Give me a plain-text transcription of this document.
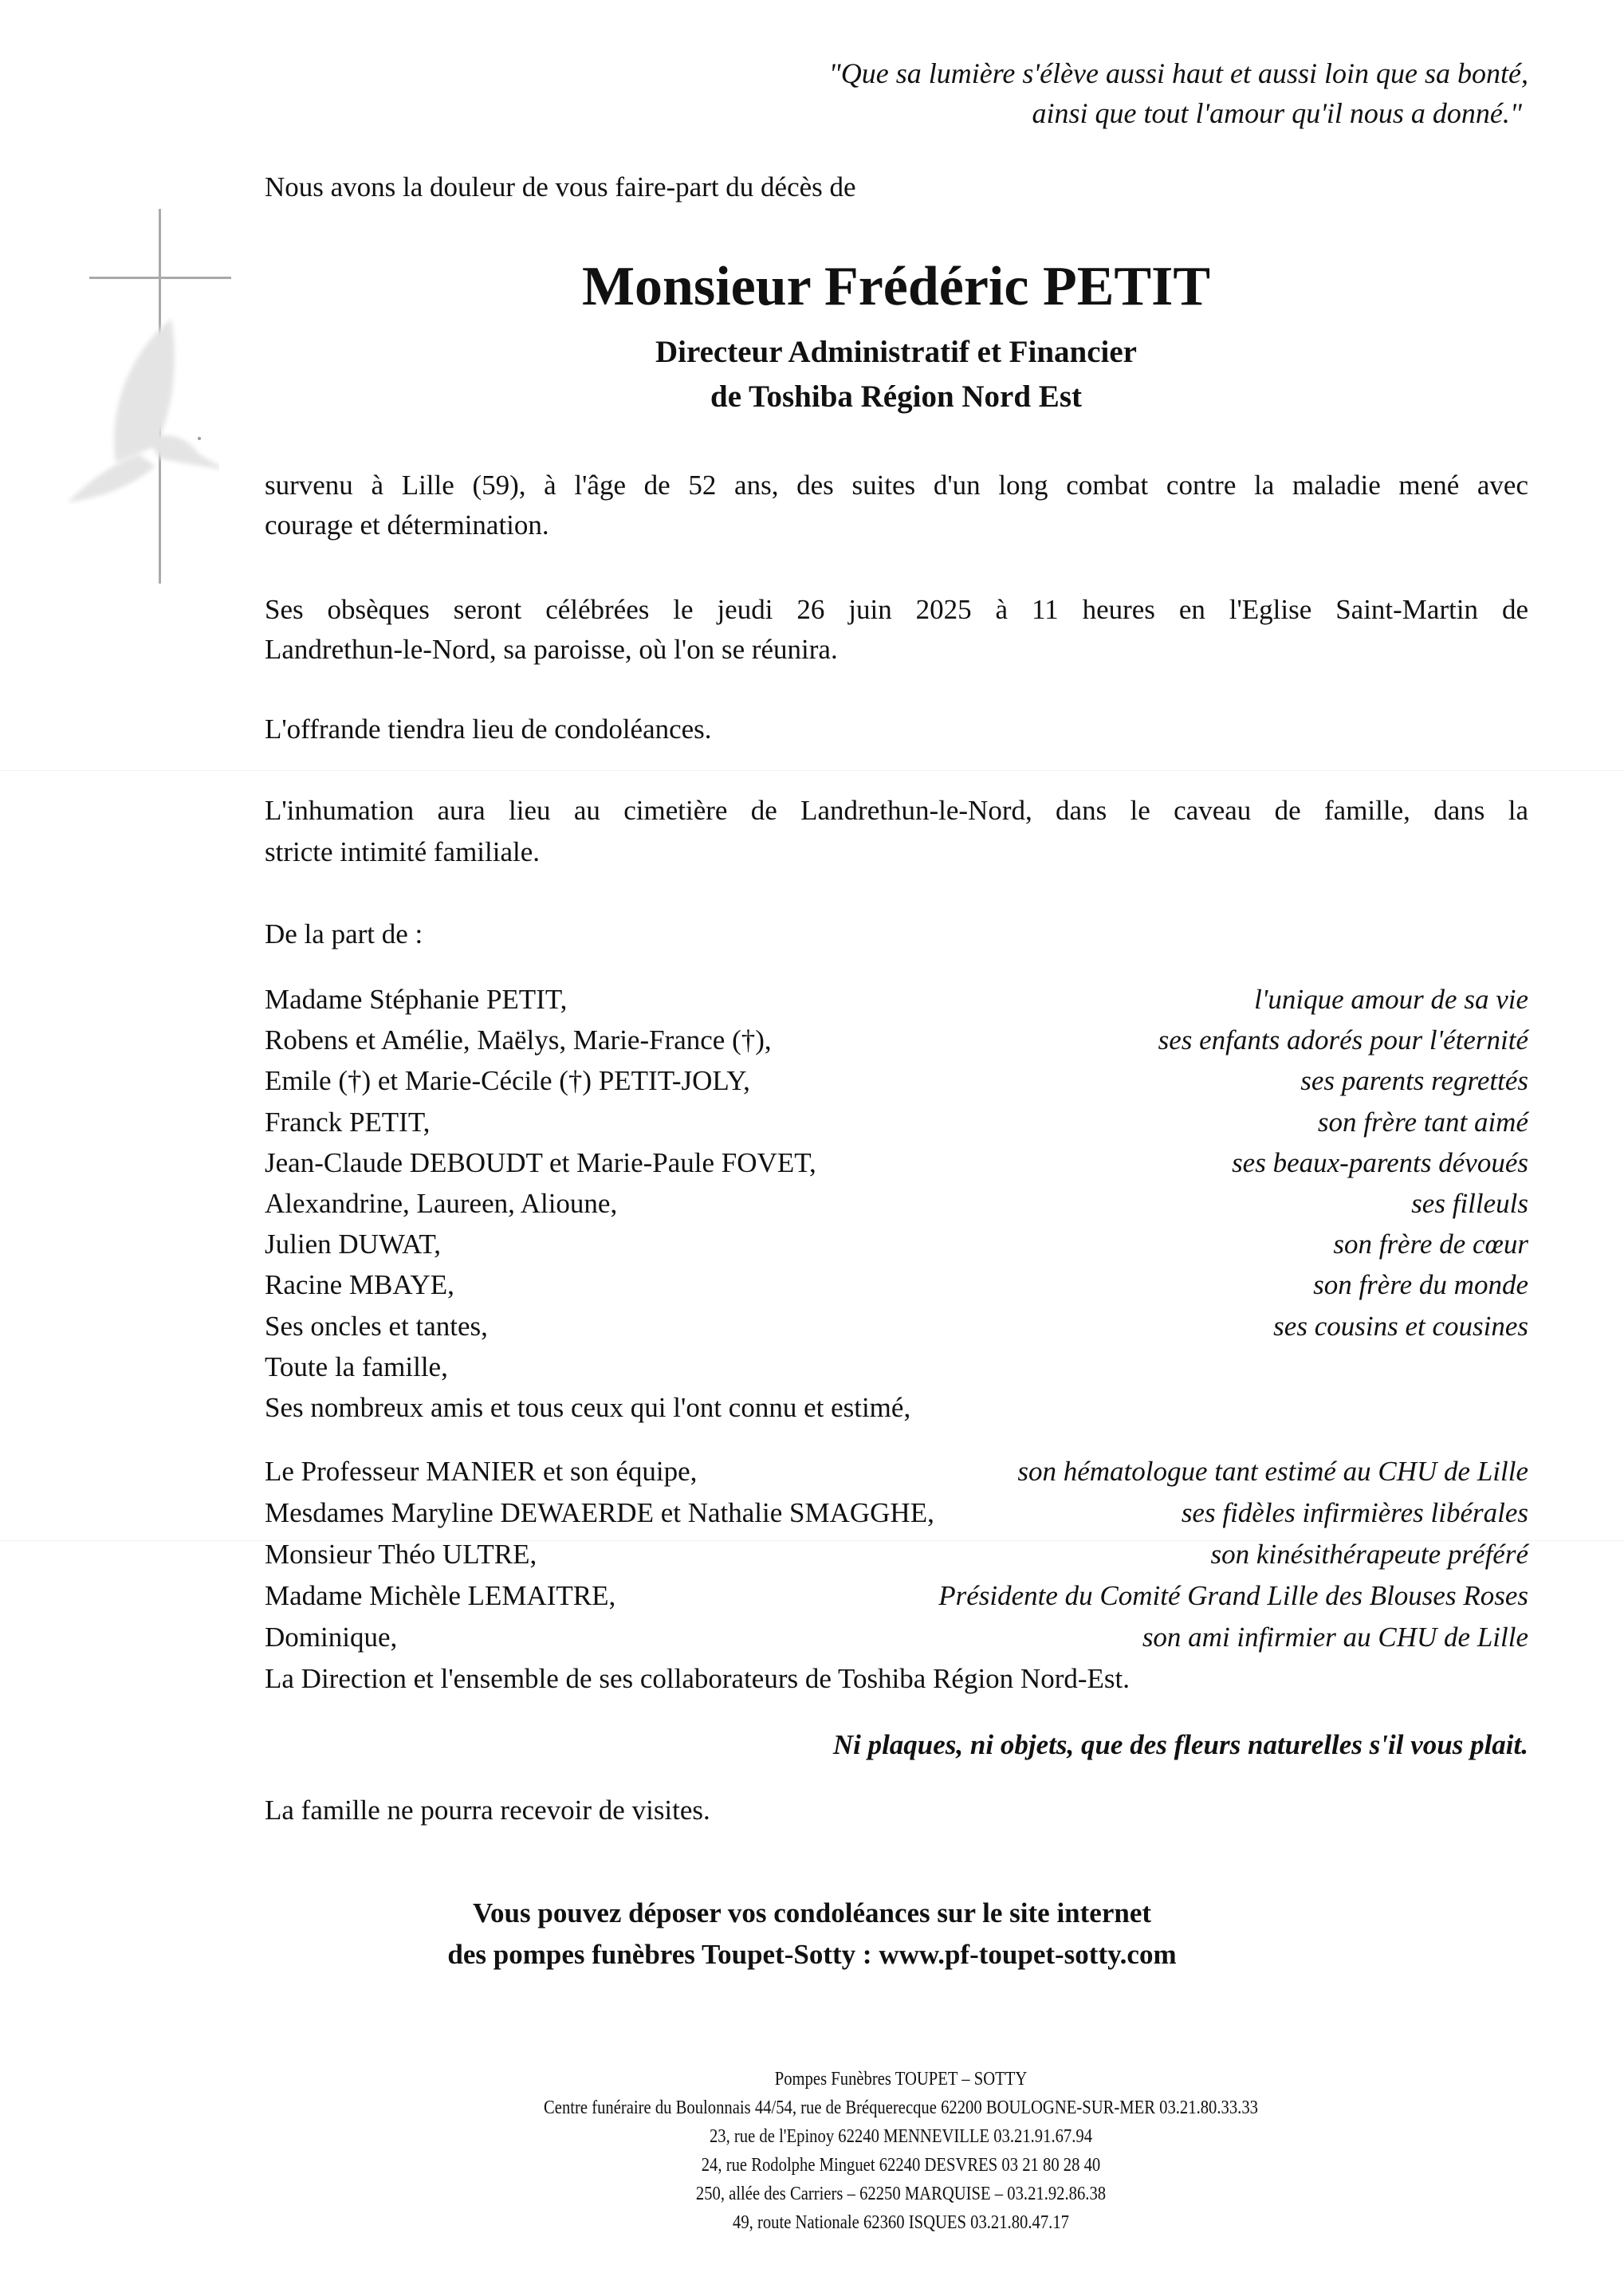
"Que sa lumière s'élève aussi haut et aussi loin que sa bonté,
ainsi que tout l'amour qu'il nous a donné."
Nous avons la douleur de vous faire-part du décès de
Monsieur Frédéric PETIT
Directeur Administratif et Financier
de Toshiba Région Nord Est
survenu à Lille (59), à l'âge de 52 ans, des suites d'un long combat contre la maladie mené avec
courage et détermination.
Ses obsèques seront célébrées le jeudi 26 juin 2025 à 11 heures en l'Eglise Saint-Martin de
Landrethun-le-Nord, sa paroisse, où l'on se réunira.
L'offrande tiendra lieu de condoléances.
L'inhumation aura lieu au cimetière de Landrethun-le-Nord, dans le caveau de famille, dans la
stricte intimité familiale.
De la part de :
Madame Stéphanie PETIT,	l'unique amour de sa vie
Robens et Amélie, Maëlys, Marie-France (†),	ses enfants adorés pour l'éternité
Emile (†) et Marie-Cécile (†) PETIT-JOLY,	ses parents regrettés
Franck PETIT,	son frère tant aimé
Jean-Claude DEBOUDT et Marie-Paule FOVET,	ses beaux-parents dévoués
Alexandrine, Laureen, Alioune,	ses filleuls
Julien DUWAT,	son frère de cœur
Racine MBAYE,	son frère du monde
Ses oncles et tantes,	ses cousins et cousines
Toute la famille,
Ses nombreux amis et tous ceux qui l'ont connu et estimé,
Le Professeur MANIER et son équipe,	son hématologue tant estimé au CHU de Lille
Mesdames Maryline DEWAERDE et Nathalie SMAGGHE,	ses fidèles infirmières libérales
Monsieur Théo ULTRE,	son kinésithérapeute préféré
Madame Michèle LEMAITRE,	Présidente du Comité Grand Lille des Blouses Roses
Dominique,	son ami infirmier au CHU de Lille
La Direction et l'ensemble de ses collaborateurs de Toshiba Région Nord-Est.
Ni plaques, ni objets, que des fleurs naturelles s'il vous plait.
La famille ne pourra recevoir de visites.
Vous pouvez déposer vos condoléances sur le site internet
des pompes funèbres Toupet-Sotty : www.pf-toupet-sotty.com
Pompes Funèbres TOUPET – SOTTY
Centre funéraire du Boulonnais 44/54, rue de Bréquerecque 62200 BOULOGNE-SUR-MER 03.21.80.33.33
23, rue de l'Epinoy 62240 MENNEVILLE 03.21.91.67.94
24, rue Rodolphe Minguet 62240 DESVRES 03 21 80 28 40
250, allée des Carriers – 62250 MARQUISE – 03.21.92.86.38
49, route Nationale 62360 ISQUES 03.21.80.47.17
